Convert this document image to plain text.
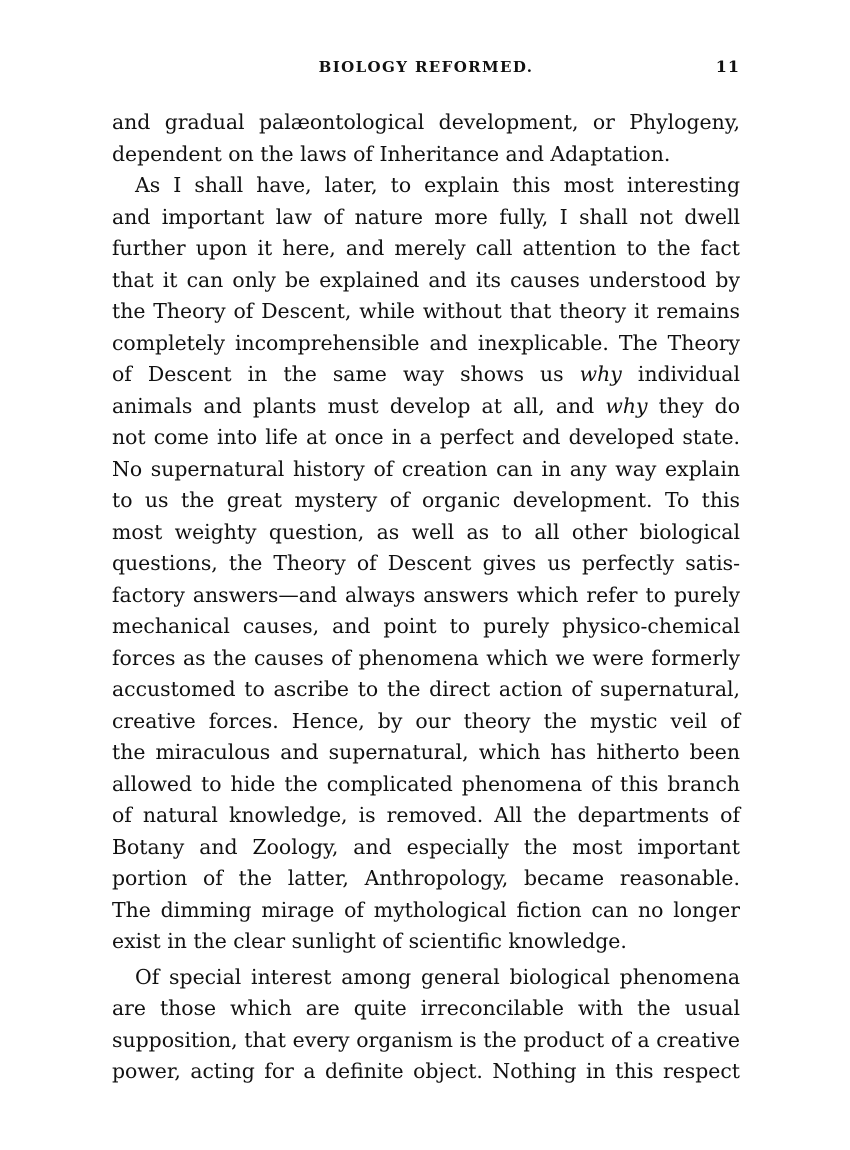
BIOLOGY REFORMED.	11
and gradual palæontological development, or Phylogeny,
dependent on the laws of Inheritance and Adaptation.
As I shall have, later, to explain this most interesting
and important law of nature more fully, I shall not dwell
further upon it here, and merely call attention to the fact
that it can only be explained and its causes understood by
the Theory of Descent, while without that theory it remains
completely incomprehensible and inexplicable. The Theory
of Descent in the same way shows us why individual
animals and plants must develop at all, and why they do
not come into life at once in a perfect and developed state.
No supernatural history of creation can in any way explain
to us the great mystery of organic development. To this
most weighty question, as well as to all other biological
questions, the Theory of Descent gives us perfectly satis-
factory answers—and always answers which refer to purely
mechanical causes, and point to purely physico-chemical
forces as the causes of phenomena which we were formerly
accustomed to ascribe to the direct action of supernatural,
creative forces. Hence, by our theory the mystic veil of
the miraculous and supernatural, which has hitherto been
allowed to hide the complicated phenomena of this branch
of natural knowledge, is removed. All the departments of
Botany and Zoology, and especially the most important
portion of the latter, Anthropology, became reasonable.
The dimming mirage of mythological fiction can no longer
exist in the clear sunlight of scientific knowledge.
Of special interest among general biological phenomena
are those which are quite irreconcilable with the usual
supposition, that every organism is the product of a creative
power, acting for a definite object. Nothing in this respect
